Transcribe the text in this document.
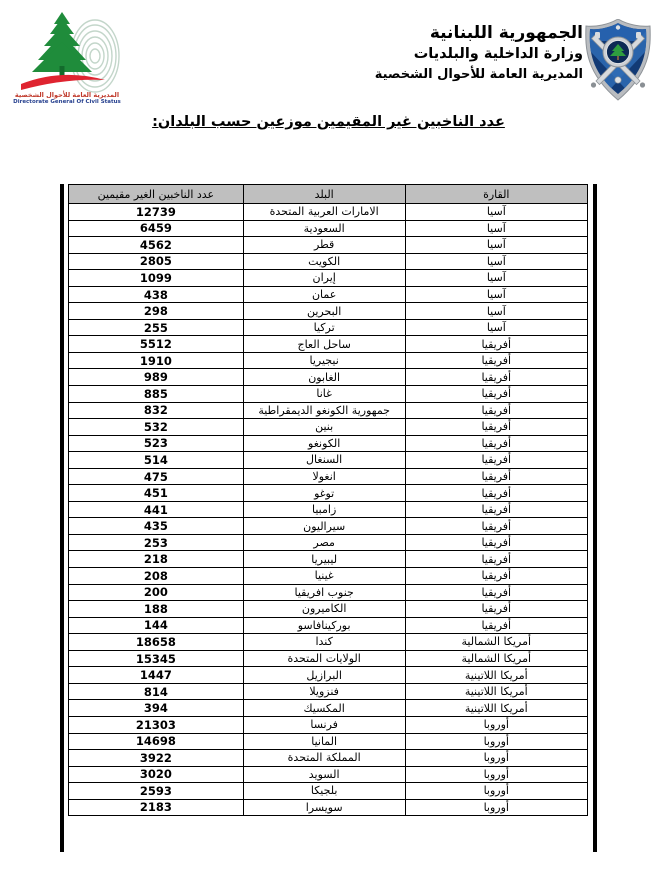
المديرية العامة للأحوال الشخصية
Directorate General Of Civil Status
الجمهورية اللبنانية
وزارة الداخلية والبلديات
المديرية العامة للأحوال الشخصية
عدد الناخبين غير المقيمين موزعين حسب البلدان:
القارة	البلد	عدد الناخبين الغير مقيمين
آسيا	الامارات العربية المتحدة	12739
آسيا	السعودية	6459
آسيا	قطر	4562
آسيا	الكويت	2805
آسيا	إيران	1099
آسيا	عمان	438
آسيا	البحرين	298
آسيا	تركيا	255
أفريقيا	ساحل العاج	5512
أفريقيا	نيجيريا	1910
أفريقيا	الغابون	989
أفريقيا	غانا	885
أفريقيا	جمهورية الكونغو الديمقراطية	832
أفريقيا	بنين	532
أفريقيا	الكونغو	523
أفريقيا	السنغال	514
أفريقيا	انغولا	475
أفريقيا	توغو	451
أفريقيا	زامبيا	441
أفريقيا	سيراليون	435
أفريقيا	مصر	253
أفريقيا	ليبيريا	218
أفريقيا	غينيا	208
أفريقيا	جنوب افريقيا	200
أفريقيا	الكاميرون	188
أفريقيا	بوركينافاسو	144
أمريكا الشمالية	كندا	18658
أمريكا الشمالية	الولايات المتحدة	15345
أمريكا اللاتينية	البرازيل	1447
أمريكا اللاتينية	فنزويلا	814
أمريكا اللاتينية	المكسيك	394
أوروبا	فرنسا	21303
أوروبا	المانيا	14698
أوروبا	المملكة المتحدة	3922
أوروبا	السويد	3020
أوروبا	بلجيكا	2593
أوروبا	سويسرا	2183
